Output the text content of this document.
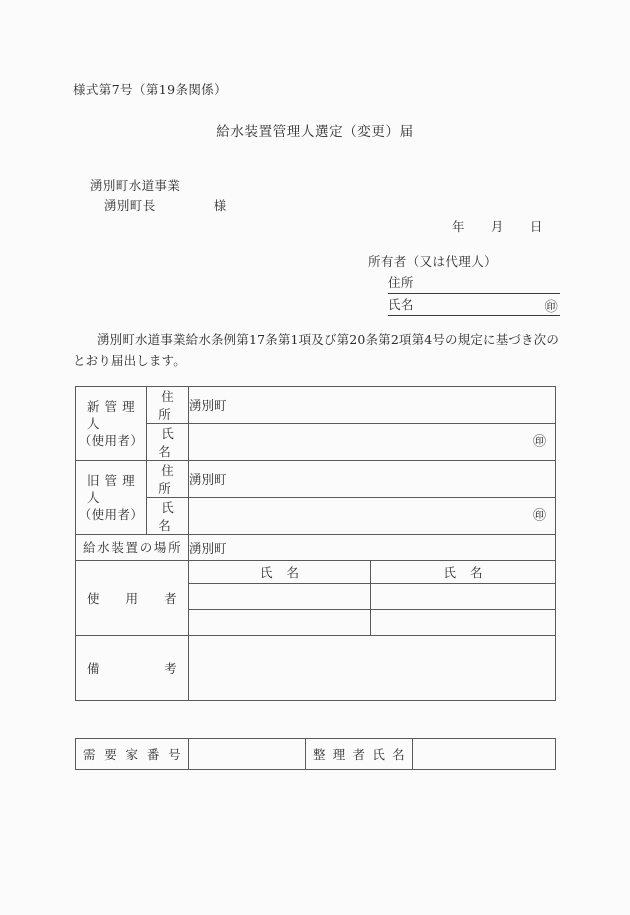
様式第7号（第19条関係）
給水装置管理人選定（変更）届
湧別町水道事業
湧別町長	様
年 月 日
所有者（又は代理人）
住所
氏名	㊞
湧別町水道事業給水条例第17条第1項及び第20条第2項第4号の規定に基づき次のとおり届出します。
新管理人
（使用者）	住所	湧別町	
	氏名	㊞	

旧管理人
（使用者）	住所	湧別町	
	氏名	㊞	

給水装置の場所		湧別町	

使用者		氏名	氏名

備考			

需要家番号		整理者氏名
